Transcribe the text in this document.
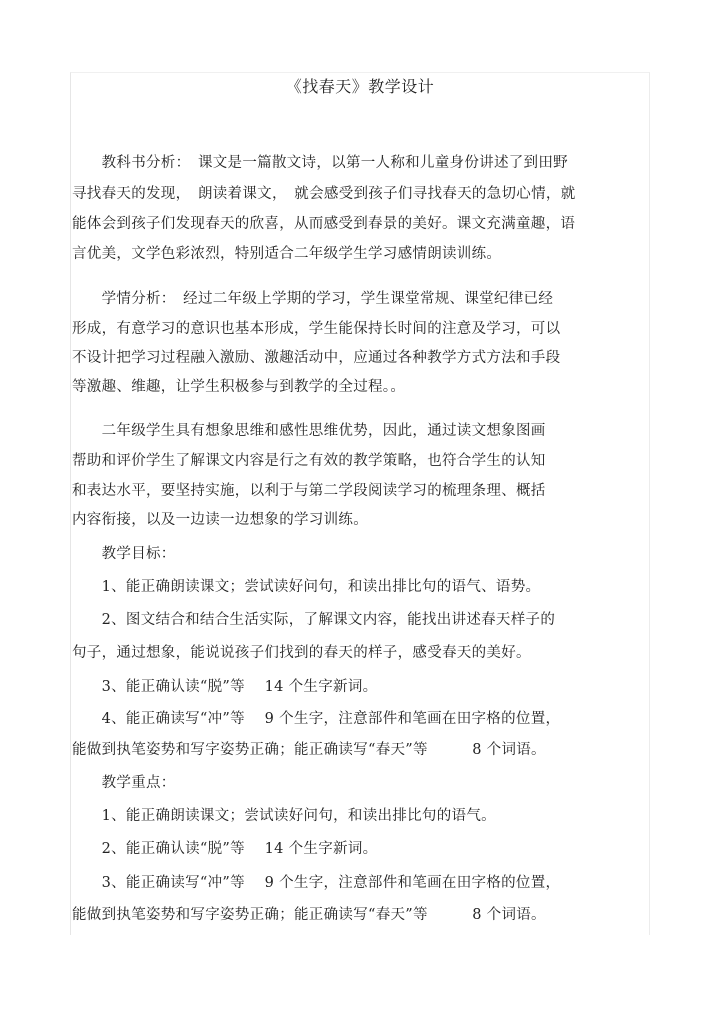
《找春天》教学设计
　　教科书分析：　课文是一篇散文诗，以第一人称和儿童身份讲述了到田野
寻找春天的发现，　朗读着课文，　就会感受到孩子们寻找春天的急切心情，就
能体会到孩子们发现春天的欣喜，从而感受到春景的美好。课文充满童趣，语
言优美，文学色彩浓烈，特别适合二年级学生学习感情朗读训练。
　　学情分析：　经过二年级上学期的学习，学生课堂常规、课堂纪律已经
形成，有意学习的意识也基本形成，学生能保持长时间的注意及学习，可以
不设计把学习过程融入激励、激趣活动中，应通过各种教学方式方法和手段
等激趣、维趣，让学生积极参与到教学的全过程。。
　　二年级学生具有想象思维和感性思维优势，因此，通过读文想象图画
帮助和评价学生了解课文内容是行之有效的教学策略，也符合学生的认知
和表达水平，要坚持实施，以利于与第二学段阅读学习的梳理条理、概括
内容衔接，以及一边读一边想象的学习训练。
　　教学目标：
　　1、能正确朗读课文；尝试读好问句，和读出排比句的语气、语势。
　　2、图文结合和结合生活实际，了解课文内容，能找出讲述春天样子的
句子，通过想象，能说说孩子们找到的春天的样子，感受春天的美好。
　　3、能正确认读“脱”等　 14 个生字新词。
　　4、能正确读写“冲”等　 9 个生字，注意部件和笔画在田字格的位置，
能做到执笔姿势和写字姿势正确；能正确读写“春天”等　　　8 个词语。
　　教学重点：
　　1、能正确朗读课文；尝试读好问句，和读出排比句的语气。
　　2、能正确认读“脱”等　 14 个生字新词。
　　3、能正确读写“冲”等　 9 个生字，注意部件和笔画在田字格的位置，
能做到执笔姿势和写字姿势正确；能正确读写“春天”等　　　8 个词语。
